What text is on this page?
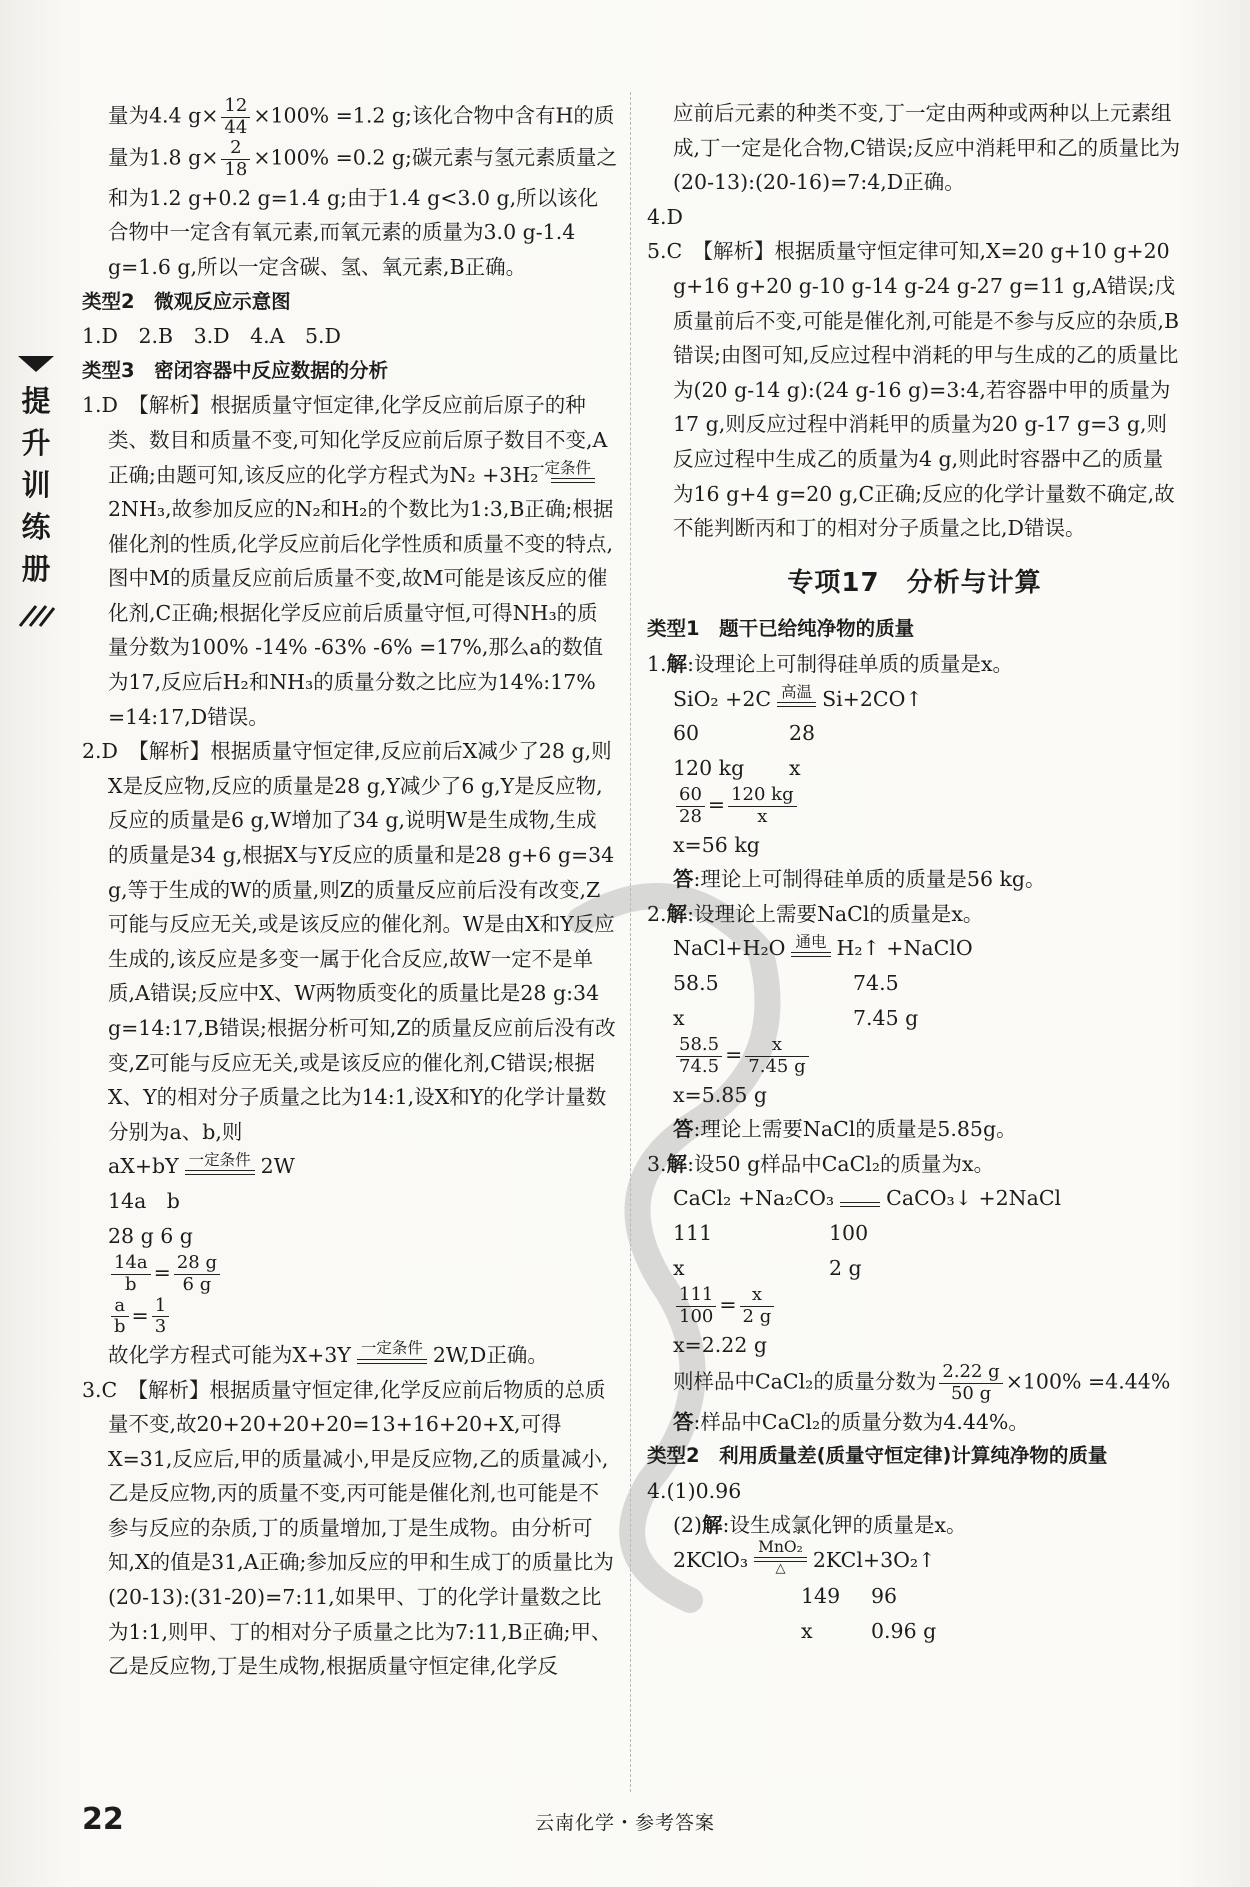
提
升
训
练
册

量为4.4 $g\times \frac{12}{44} \times 100\% =1.2$ g;该化合物中含有H的质

量为1.8 $g\times \frac{2}{18} \times 100\% =0.2$ g;碳元素与氢元素质量之

和为1.2 g+0.2 g=1.4 g;由于1.4 g<3.0 g,所以该化合物中一定含有氧元素,而氧元素的质量为3.0 g-1.4 g=1.6 g,所以一定含碳、氢、氧元素,B正确。

类型2　微观反应示意图

1.D　2.B　3.D　4.A　5.D

类型3　密闭容器中反应数据的分析

1.D　【解析】根据质量守恒定律,化学反应前后原子的种类、数目和质量不变,可知化学反应前后原子数目不变,A正确;由题可知,该反应的化学方程式为N₂ +3H₂
一定条件
2NH₃,故参加反应的N₂和H₂的个数比为1:3,B正确;根据催化剂的性质,化学反应前后化学性质和质量不变的特点,图中M的质量反应前后质量不变,故M可能是该反应的催化剂,C正确;根据化学反应前后质量守恒,可得NH₃的质量分数为100% -14% -63% -6% =17%,那么a的数值为17,反应后H₂和NH₃的质量分数之比应为14%:17% =14:17,D错误。

2.D　【解析】根据质量守恒定律,反应前后X减少了28 g,则X是反应物,反应的质量是28 g,Y减少了6 g,Y是反应物,反应的质量是6 g,W增加了34 g,说明W是生成物,生成的质量是34 g,根据X与Y反应的质量和是28 g+6 g=34 g,等于生成的W的质量,则Z的质量反应前后没有改变,Z可能与反应无关,或是该反应的催化剂。W是由X和Y反应生成的,该反应是多变一属于化合反应,故W一定不是单质,A错误;反应中X、W两物质变化的质量比是28 g:34 g=14:17,B错误;根据分析可知,Z的质量反应前后没有改变,Z可能与反应无关,或是该反应的催化剂,C错误;根据X、Y的相对分子质量之比为14:1,设X和Y的化学计量数分别为a、b,则

aX+bY 一定条件 2W

14a　b

28 g 6 g

$\frac{14a}{b} = \frac{28 g}{6 g}$

$\frac{a}{b} = \frac{1}{3}$

故化学方程式可能为X+3Y 一定条件 2W,D正确。

3.C　【解析】根据质量守恒定律,化学反应前后物质的总质量不变,故20+20+20+20=13+16+20+X,可得X=31,反应后,甲的质量减小,甲是反应物,乙的质量减小,乙是反应物,丙的质量不变,丙可能是催化剂,也可能是不参与反应的杂质,丁的质量增加,丁是生成物。由分析可知,X的值是31,A正确;参加反应的甲和生成丁的质量比为(20-13):(31-20)=7:11,如果甲、丁的化学计量数之比为1:1,则甲、丁的相对分子质量之比为7:11,B正确;甲、乙是反应物,丁是生成物,根据质量守恒定律,化学反

应前后元素的种类不变,丁一定由两种或两种以上元素组成,丁一定是化合物,C错误;反应中消耗甲和乙的质量比为(20-13):(20-16)=7:4,D正确。

4.D

5.C　【解析】根据质量守恒定律可知,X=20 g+10 g+20 g+16 g+20 g-10 g-14 g-24 g-27 g=11 g,A错误;戊质量前后不变,可能是催化剂,可能是不参与反应的杂质,B错误;由图可知,反应过程中消耗的甲与生成的乙的质量比为(20 g-14 g):(24 g-16 g)=3:4,若容器中甲的质量为17 g,则反应过程中消耗甲的质量为20 g-17 g=3 g,则反应过程中生成乙的质量为4 g,则此时容器中乙的质量为16 g+4 g=20 g,C正确;反应的化学计量数不确定,故不能判断丙和丁的相对分子质量之比,D错误。

专项17　分析与计算

类型1　题干已给纯净物的质量

1.解:设理论上可制得硅单质的质量是x。

SiO₂ +2C 高温 Si+2CO↑

60	28

120 kg x

$\frac{60}{28} = \frac{120 kg}{x}$

x=56 kg

答:理论上可制得硅单质的质量是56 kg。

2.解:设理论上需要NaCl的质量是x。

NaCl+H₂O 通电 H₂↑ +NaClO

58.5	74.5

x	7.45 g

$\frac{58.5}{74.5} = \frac{x}{7.45 g}$

x=5.85 g

答:理论上需要NaCl的质量是5.85g。

3.解:设50 g样品中CaCl₂的质量为x。

CaCl₂ +Na₂CO₃	CaCO₃↓ +2NaCl

111	100

x	2 g

$\frac{111}{100} = \frac{x}{2 g}$

x=2.22 g

则样品中CaCl₂的质量分数为 $\frac{2.22 g}{50 g} \times 100\% =4.44\%$

答:样品中CaCl₂的质量分数为4.44%。

类型2　利用质量差(质量守恒定律)计算纯净物的质量

4.(1)0.96

(2)解:设生成氯化钾的质量是x。

2KClO₃
MnO₂
△	2KCl+3O₂↑

149 96

x	0.96 g

22	云南化学・参考答案
